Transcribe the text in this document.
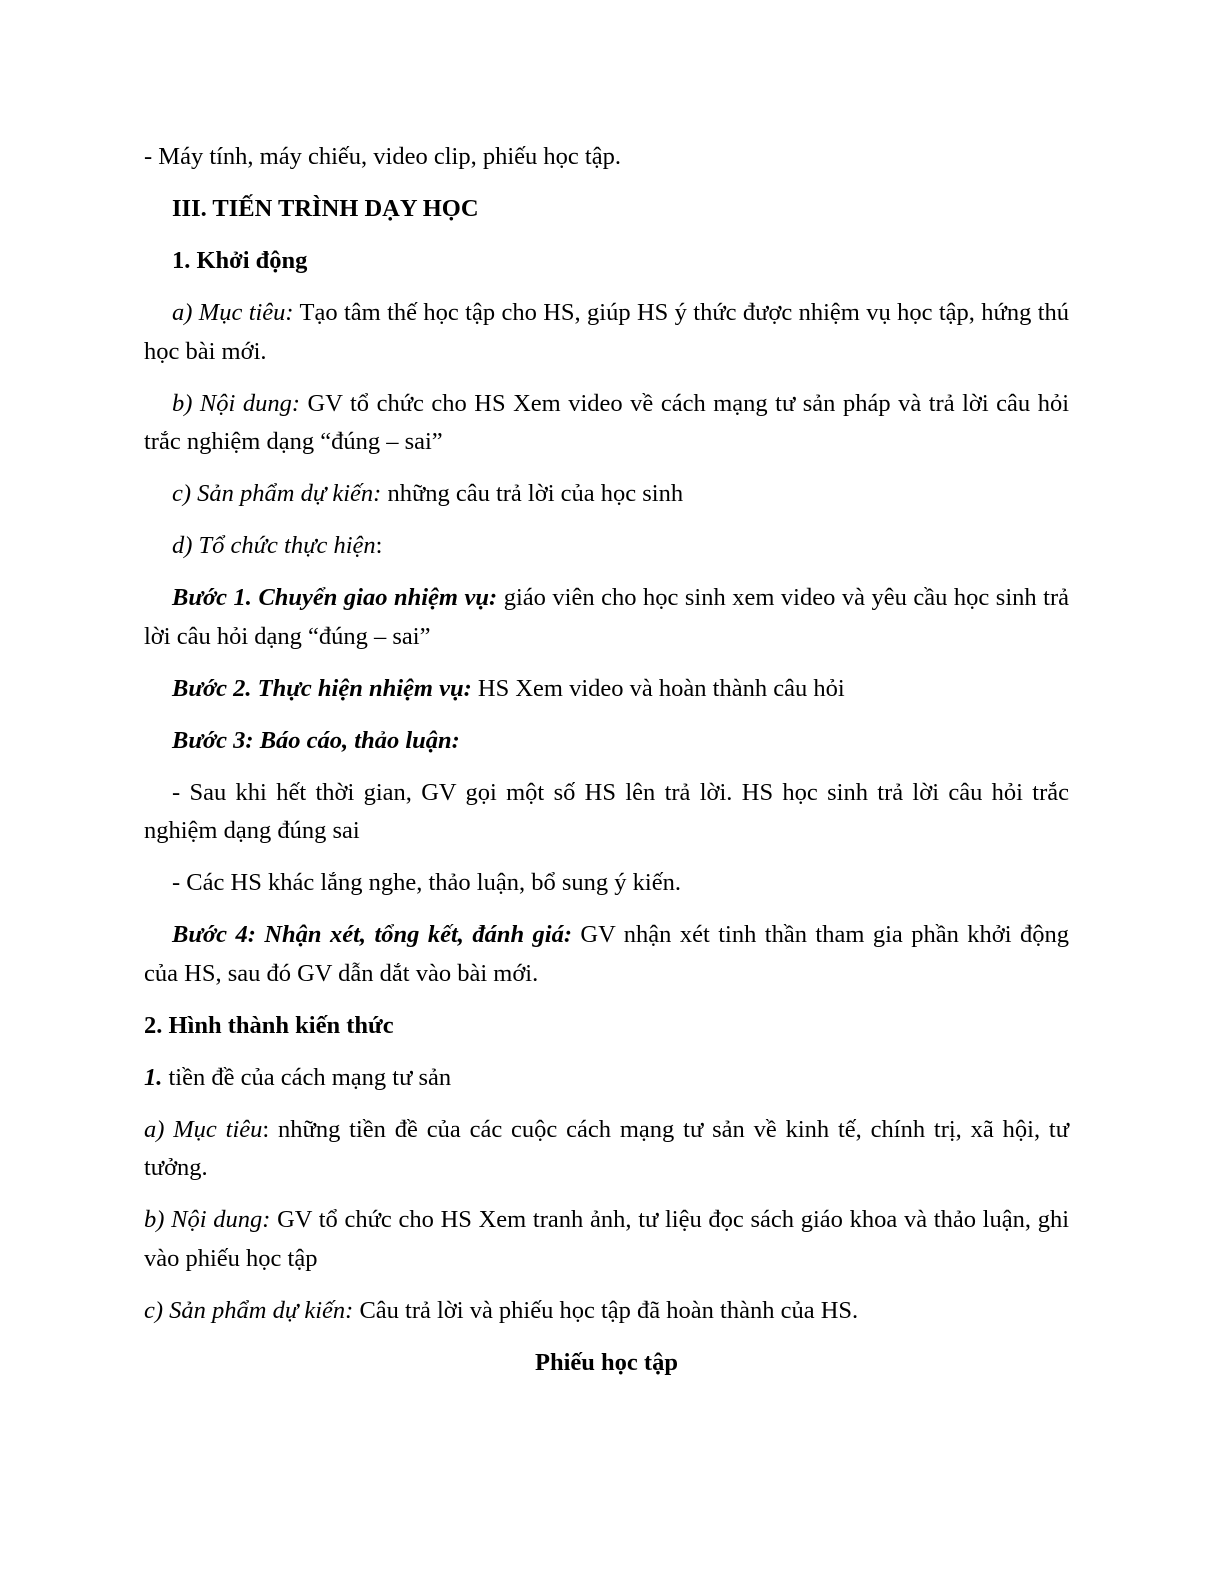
- Máy tính, máy chiếu, video clip, phiếu học tập.

III. TIẾN TRÌNH DẠY HỌC

1. Khởi động

a) Mục tiêu: Tạo tâm thế học tập cho HS, giúp HS ý thức được nhiệm vụ học tập, hứng thú học bài mới.

b) Nội dung: GV tổ chức cho HS Xem video về cách mạng tư sản pháp và trả lời câu hỏi trắc nghiệm dạng “đúng – sai”

c) Sản phẩm dự kiến: những câu trả lời của học sinh

d) Tổ chức thực hiện:

Bước 1. Chuyển giao nhiệm vụ: giáo viên cho học sinh xem video và yêu cầu học sinh trả lời câu hỏi dạng “đúng – sai”

Bước 2. Thực hiện nhiệm vụ: HS Xem video và hoàn thành câu hỏi

Bước 3: Báo cáo, thảo luận:

- Sau khi hết thời gian, GV gọi một số HS lên trả lời. HS học sinh trả lời câu hỏi trắc nghiệm dạng đúng sai

- Các HS khác lắng nghe, thảo luận, bổ sung ý kiến.

Bước 4: Nhận xét, tổng kết, đánh giá: GV nhận xét tinh thần tham gia phần khởi động của HS, sau đó GV dẫn dắt vào bài mới.

2. Hình thành kiến thức

1. tiền đề của cách mạng tư sản

a) Mục tiêu: những tiền đề của các cuộc cách mạng tư sản về kinh tế, chính trị, xã hội, tư tưởng.

b) Nội dung: GV tổ chức cho HS Xem tranh ảnh, tư liệu đọc sách giáo khoa và thảo luận, ghi vào phiếu học tập

c) Sản phẩm dự kiến: Câu trả lời và phiếu học tập đã hoàn thành của HS.

Phiếu học tập
